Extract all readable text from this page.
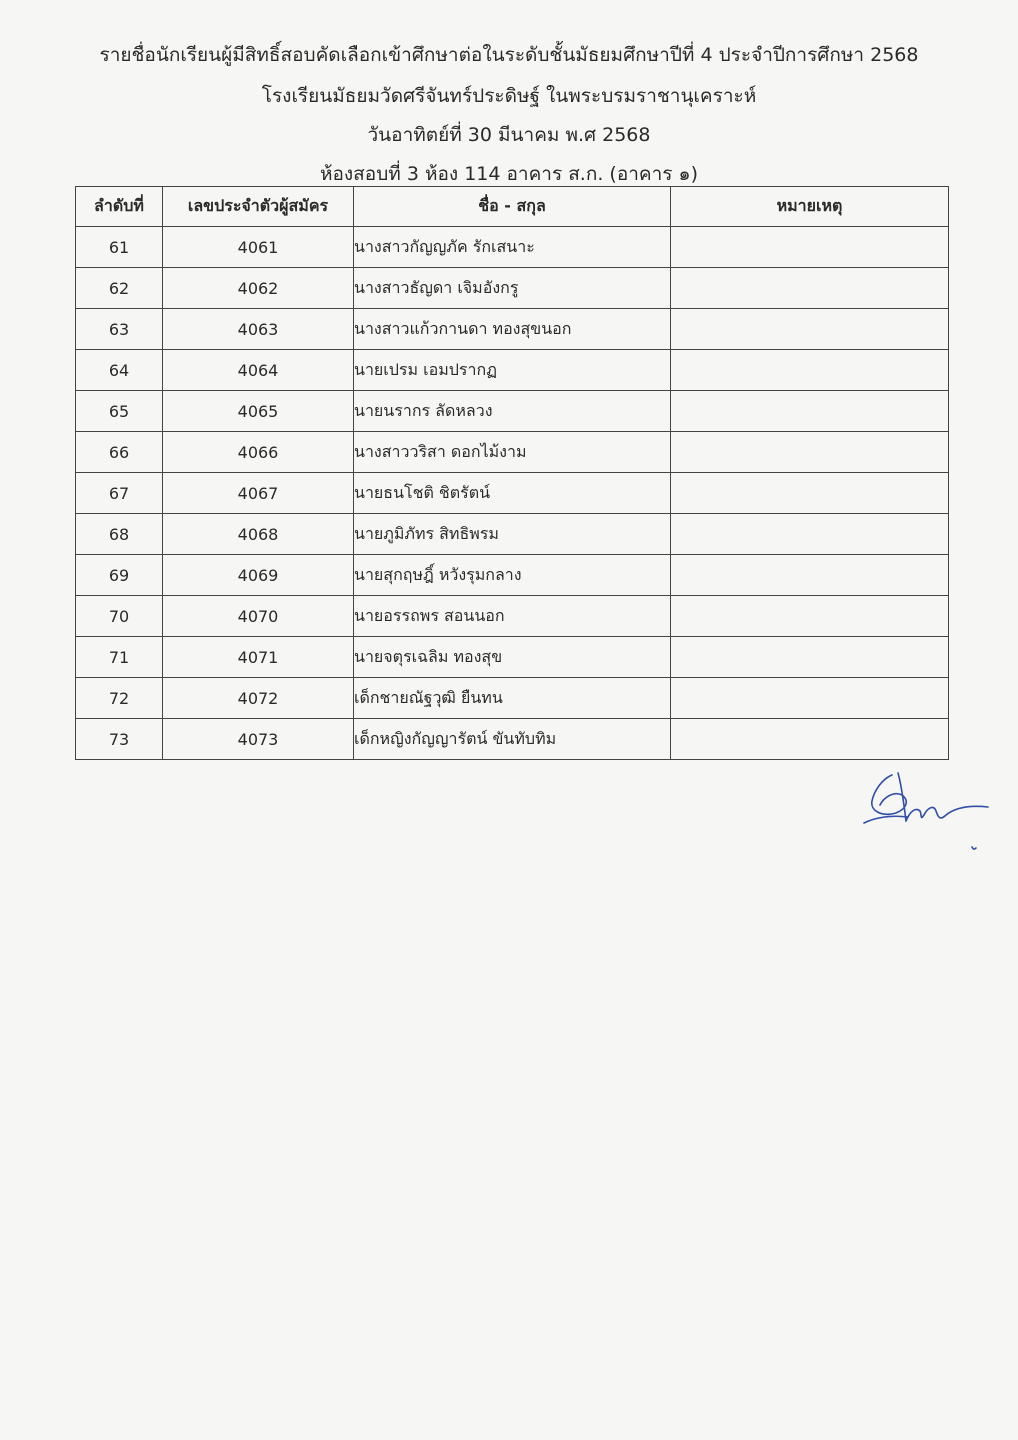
รายชื่อนักเรียนผู้มีสิทธิ์สอบคัดเลือกเข้าศึกษาต่อในระดับชั้นมัธยมศึกษาปีที่ 4 ประจำปีการศึกษา 2568
โรงเรียนมัธยมวัดศรีจันทร์ประดิษฐ์ ในพระบรมราชานุเคราะห์
วันอาทิตย์ที่ 30 มีนาคม พ.ศ 2568
ห้องสอบที่ 3 ห้อง 114 อาคาร ส.ก. (อาคาร ๑)
ลำดับที่	เลขประจำตัวผู้สมัคร	ชื่อ - สกุล	หมายเหตุ
61	4061	นางสาวกัญญภัค รักเสนาะ	
62	4062	นางสาวธัญดา เจิมอังกรู	
63	4063	นางสาวแก้วกานดา ทองสุขนอก	
64	4064	นายเปรม เอมปรากฏ	
65	4065	นายนรากร ลัดหลวง	
66	4066	นางสาววริสา ดอกไม้งาม	
67	4067	นายธนโชติ ชิตรัตน์	
68	4068	นายภูมิภัทร สิทธิพรม	
69	4069	นายสุกฤษฎิ์ หวังรุมกลาง	
70	4070	นายอรรถพร สอนนอก	
71	4071	นายจตุรเฉลิม ทองสุข	
72	4072	เด็กชายณัฐวุฒิ ยืนทน	
73	4073	เด็กหญิงกัญญารัตน์ ขันทับทิม	
